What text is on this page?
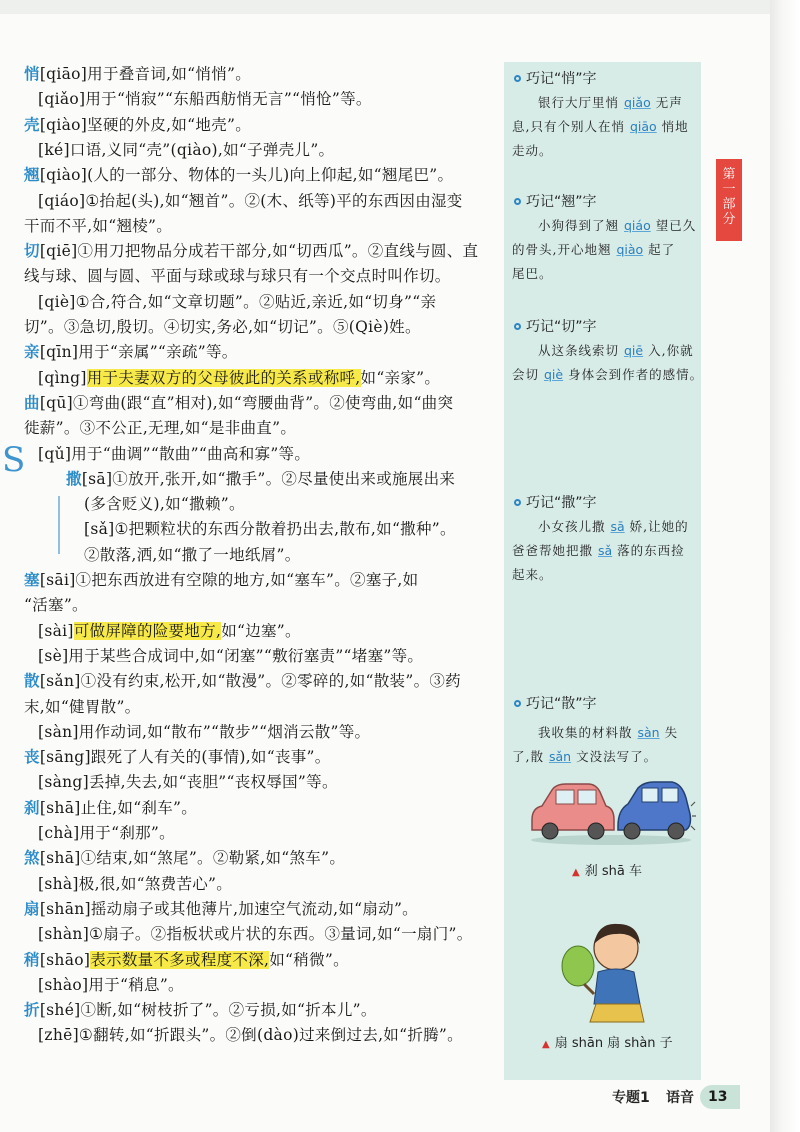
悄[qiāo]用于叠音词,如“悄悄”。
[qiǎo]用于“悄寂”“东船西舫悄无言”“悄怆”等。
壳[qiào]坚硬的外皮,如“地壳”。
[ké]口语,义同“壳”(qiào),如“子弹壳儿”。
翘[qiào](人的一部分、物体的一头儿)向上仰起,如“翘尾巴”。
[qiáo]①抬起(头),如“翘首”。②(木、纸等)平的东西因由湿变
干而不平,如“翘棱”。
切[qiē]①用刀把物品分成若干部分,如“切西瓜”。②直线与圆、直
线与球、圆与圆、平面与球或球与球只有一个交点时叫作切。
[qiè]①合,符合,如“文章切题”。②贴近,亲近,如“切身”“亲
切”。③急切,殷切。④切实,务必,如“切记”。⑤(Qiè)姓。
亲[qīn]用于“亲属”“亲疏”等。
[qìng]用于夫妻双方的父母彼此的关系或称呼,如“亲家”。
曲[qū]①弯曲(跟“直”相对),如“弯腰曲背”。②使弯曲,如“曲突
徙薪”。③不公正,无理,如“是非曲直”。
[qǔ]用于“曲调”“散曲”“曲高和寡”等。
撒[sā]①放开,张开,如“撒手”。②尽量使出来或施展出来
(多含贬义),如“撒赖”。
[sǎ]①把颗粒状的东西分散着扔出去,散布,如“撒种”。
②散落,洒,如“撒了一地纸屑”。
塞[sāi]①把东西放进有空隙的地方,如“塞车”。②塞子,如
“活塞”。
[sài]可做屏障的险要地方,如“边塞”。
[sè]用于某些合成词中,如“闭塞”“敷衍塞责”“堵塞”等。
散[sǎn]①没有约束,松开,如“散漫”。②零碎的,如“散装”。③药
末,如“健胃散”。
[sàn]用作动词,如“散布”“散步”“烟消云散”等。
丧[sāng]跟死了人有关的(事情),如“丧事”。
[sàng]丢掉,失去,如“丧胆”“丧权辱国”等。
刹[shā]止住,如“刹车”。
[chà]用于“刹那”。
煞[shā]①结束,如“煞尾”。②勒紧,如“煞车”。
[shà]极,很,如“煞费苦心”。
扇[shān]摇动扇子或其他薄片,加速空气流动,如“扇动”。
[shàn]①扇子。②指板状或片状的东西。③量词,如“一扇门”。
稍[shāo]表示数量不多或程度不深,如“稍微”。
[shào]用于“稍息”。
折[shé]①断,如“树枝折了”。②亏损,如“折本儿”。
[zhē]①翻转,如“折跟头”。②倒(dào)过来倒过去,如“折腾”。
S
巧记“悄”字
银行大厅里悄 qiǎo 无声
息,只有个别人在悄 qiāo 悄地
走动。
巧记“翘”字
小狗得到了翘 qiáo 望已久
的骨头,开心地翘 qiào 起了
尾巴。
巧记“切”字
从这条线索切 qiē 入,你就
会切 qiè 身体会到作者的感情。
巧记“撒”字
小女孩儿撒 sā 娇,让她的
爸爸帮她把撒 sǎ 落的东西捡
起来。
巧记“散”字
我收集的材料散 sàn 失
了,散 sǎn 文没法写了。
▲ 刹 shā 车
▲ 扇 shān 扇 shàn 子
第
一
部
分
专题1 语音	13
